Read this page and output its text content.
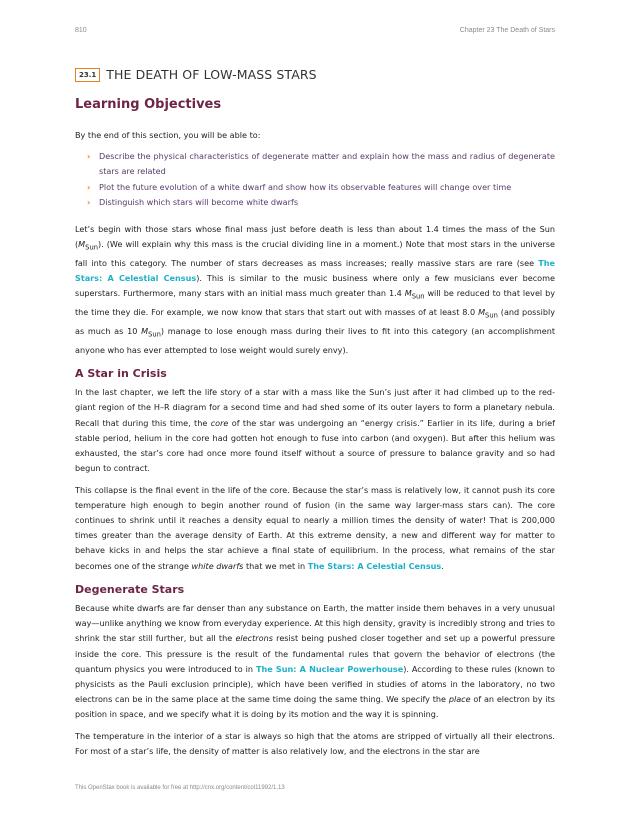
810	Chapter 23 The Death of Stars
23.1 THE DEATH OF LOW-MASS STARS
Learning Objectives

By the end of this section, you will be able to:

› Describe the physical characteristics of degenerate matter and explain how the mass and radius of degenerate stars are related
› Plot the future evolution of a white dwarf and show how its observable features will change over time
› Distinguish which stars will become white dwarfs

Let’s begin with those stars whose final mass just before death is less than about 1.4 times the mass of the Sun $(M_{Sun})$. (We will explain why this mass is the crucial dividing line in a moment.) Note that most stars in the universe fall into this category. The number of stars decreases as mass increases; really massive stars are rare (see The Stars: A Celestial Census). This is similar to the music business where only a few musicians ever become superstars. Furthermore, many stars with an initial mass much greater than 1.4 $M_{Sun}$ will be reduced to that level by the time they die. For example, we now know that stars that start out with masses of at least 8.0 $M_{Sun}$ (and possibly as much as 10 $M_{Sun}$) manage to lose enough mass during their lives to fit into this category (an accomplishment anyone who has ever attempted to lose weight would surely envy).

A Star in Crisis

In the last chapter, we left the life story of a star with a mass like the Sun’s just after it had climbed up to the red-giant region of the H–R diagram for a second time and had shed some of its outer layers to form a planetary nebula. Recall that during this time, the core of the star was undergoing an “energy crisis.” Earlier in its life, during a brief stable period, helium in the core had gotten hot enough to fuse into carbon (and oxygen). But after this helium was exhausted, the star’s core had once more found itself without a source of pressure to balance gravity and so had begun to contract.

This collapse is the final event in the life of the core. Because the star’s mass is relatively low, it cannot push its core temperature high enough to begin another round of fusion (in the same way larger-mass stars can). The core continues to shrink until it reaches a density equal to nearly a million times the density of water! That is 200,000 times greater than the average density of Earth. At this extreme density, a new and different way for matter to behave kicks in and helps the star achieve a final state of equilibrium. In the process, what remains of the star becomes one of the strange white dwarfs that we met in The Stars: A Celestial Census.

Degenerate Stars

Because white dwarfs are far denser than any substance on Earth, the matter inside them behaves in a very unusual way—unlike anything we know from everyday experience. At this high density, gravity is incredibly strong and tries to shrink the star still further, but all the electrons resist being pushed closer together and set up a powerful pressure inside the core. This pressure is the result of the fundamental rules that govern the behavior of electrons (the quantum physics you were introduced to in The Sun: A Nuclear Powerhouse). According to these rules (known to physicists as the Pauli exclusion principle), which have been verified in studies of atoms in the laboratory, no two electrons can be in the same place at the same time doing the same thing. We specify the place of an electron by its position in space, and we specify what it is doing by its motion and the way it is spinning.

The temperature in the interior of a star is always so high that the atoms are stripped of virtually all their electrons. For most of a star’s life, the density of matter is also relatively low, and the electrons in the star are

This OpenStax book is available for free at http://cnx.org/content/col11992/1.13
